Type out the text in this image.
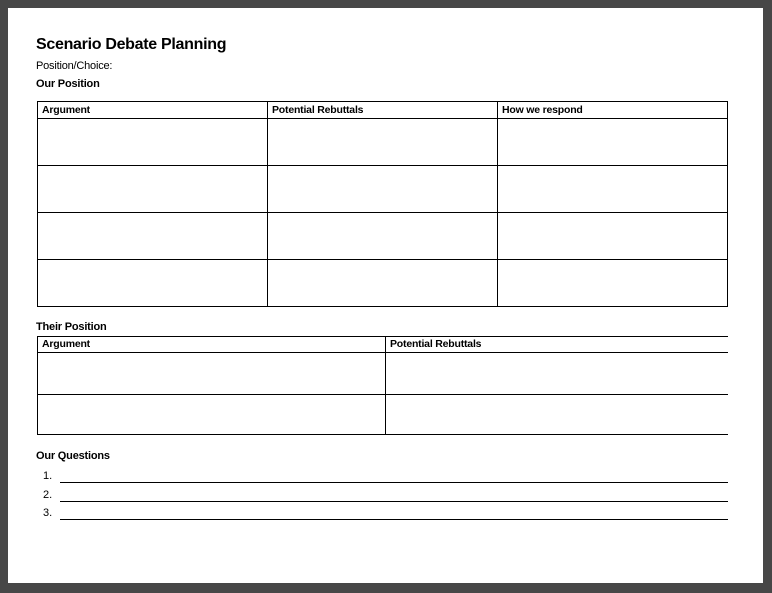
Scenario Debate Planning
Position/Choice:
Our Position
Argument	Potential Rebuttals	How we respond

Their Position
Argument	Potential Rebuttals

Our Questions
1.
2.
3.
